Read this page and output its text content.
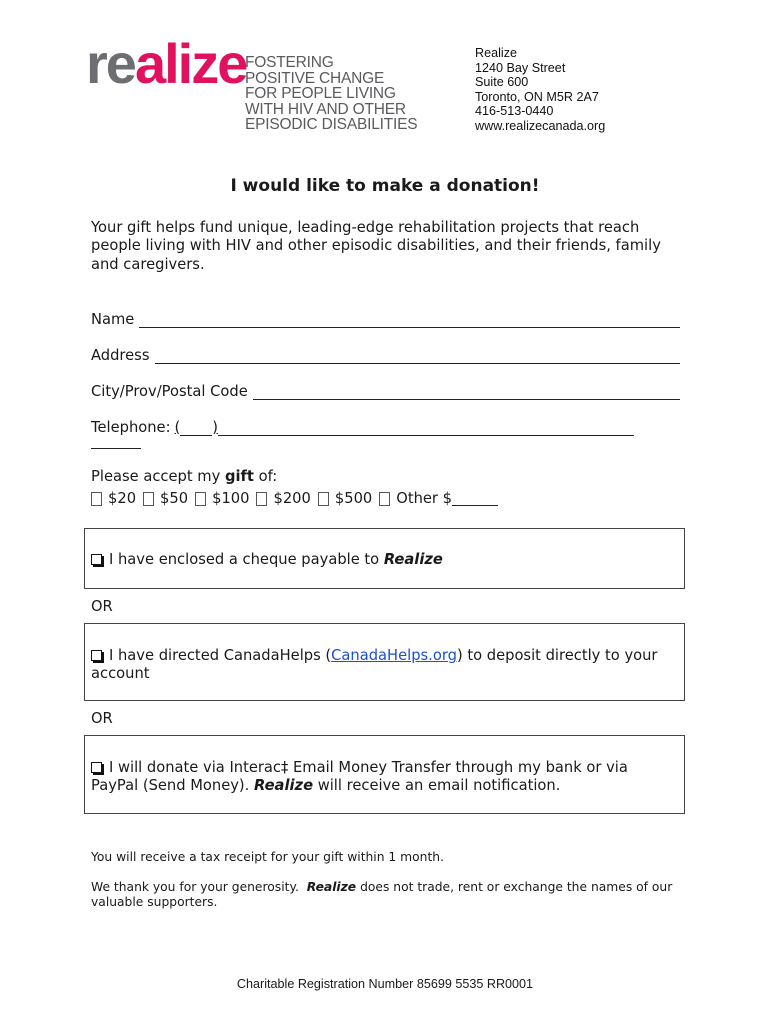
realize
FOSTERING
POSITIVE CHANGE
FOR PEOPLE LIVING
WITH HIV AND OTHER
EPISODIC DISABILITIES
Realize
1240 Bay Street
Suite 600
Toronto, ON M5R 2A7
416-513-0440
www.realizecanada.org
I would like to make a donation!
Your gift helps fund unique, leading-edge rehabilitation projects that reach people living with HIV and other episodic disabilities, and their friends, family and caregivers.
Name
Address
City/Prov/Postal Code
Telephone: ( )
Please accept my gift of:
$20 $50 $100 $200 $500 Other $
I have enclosed a cheque payable to Realize
OR
I have directed CanadaHelps (CanadaHelps.org) to deposit directly to your account
OR
I will donate via Interac‡ Email Money Transfer through my bank or via PayPal (Send Money). Realize will receive an email notification.
You will receive a tax receipt for your gift within 1 month.
We thank you for your generosity. Realize does not trade, rent or exchange the names of our valuable supporters.
Charitable Registration Number 85699 5535 RR0001
